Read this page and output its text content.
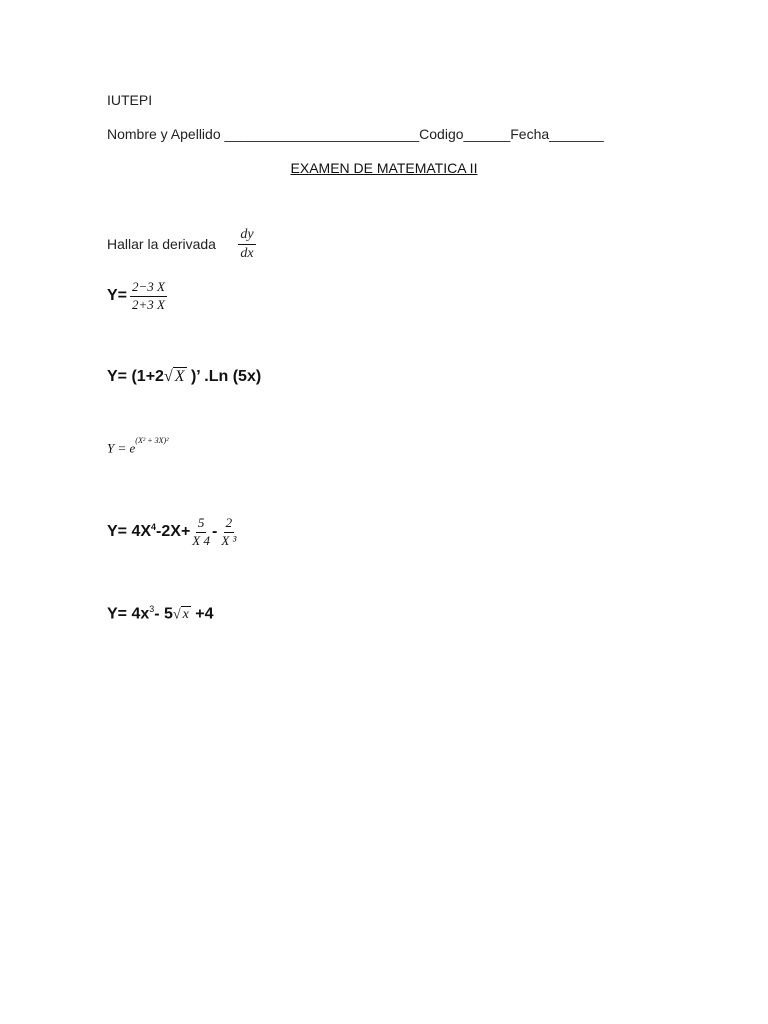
IUTEPI
Nombre y Apellido _________________________Codigo______Fecha_______
EXAMEN DE MATEMATICA II
Hallar la derivada $\frac{dy}{dx}$
$Y= \frac{2-3 X}{2+3 X}$
Y= (1+2√ X )’ .Ln (5x)
$Y = e^{(X^2 + 3X)^2}$
$Y= 4X^4$ $-2X+ \frac{5}{X 4} - \frac{2}{\text{X ³}}$
$Y= 4x^3-$ 5√ x +4
